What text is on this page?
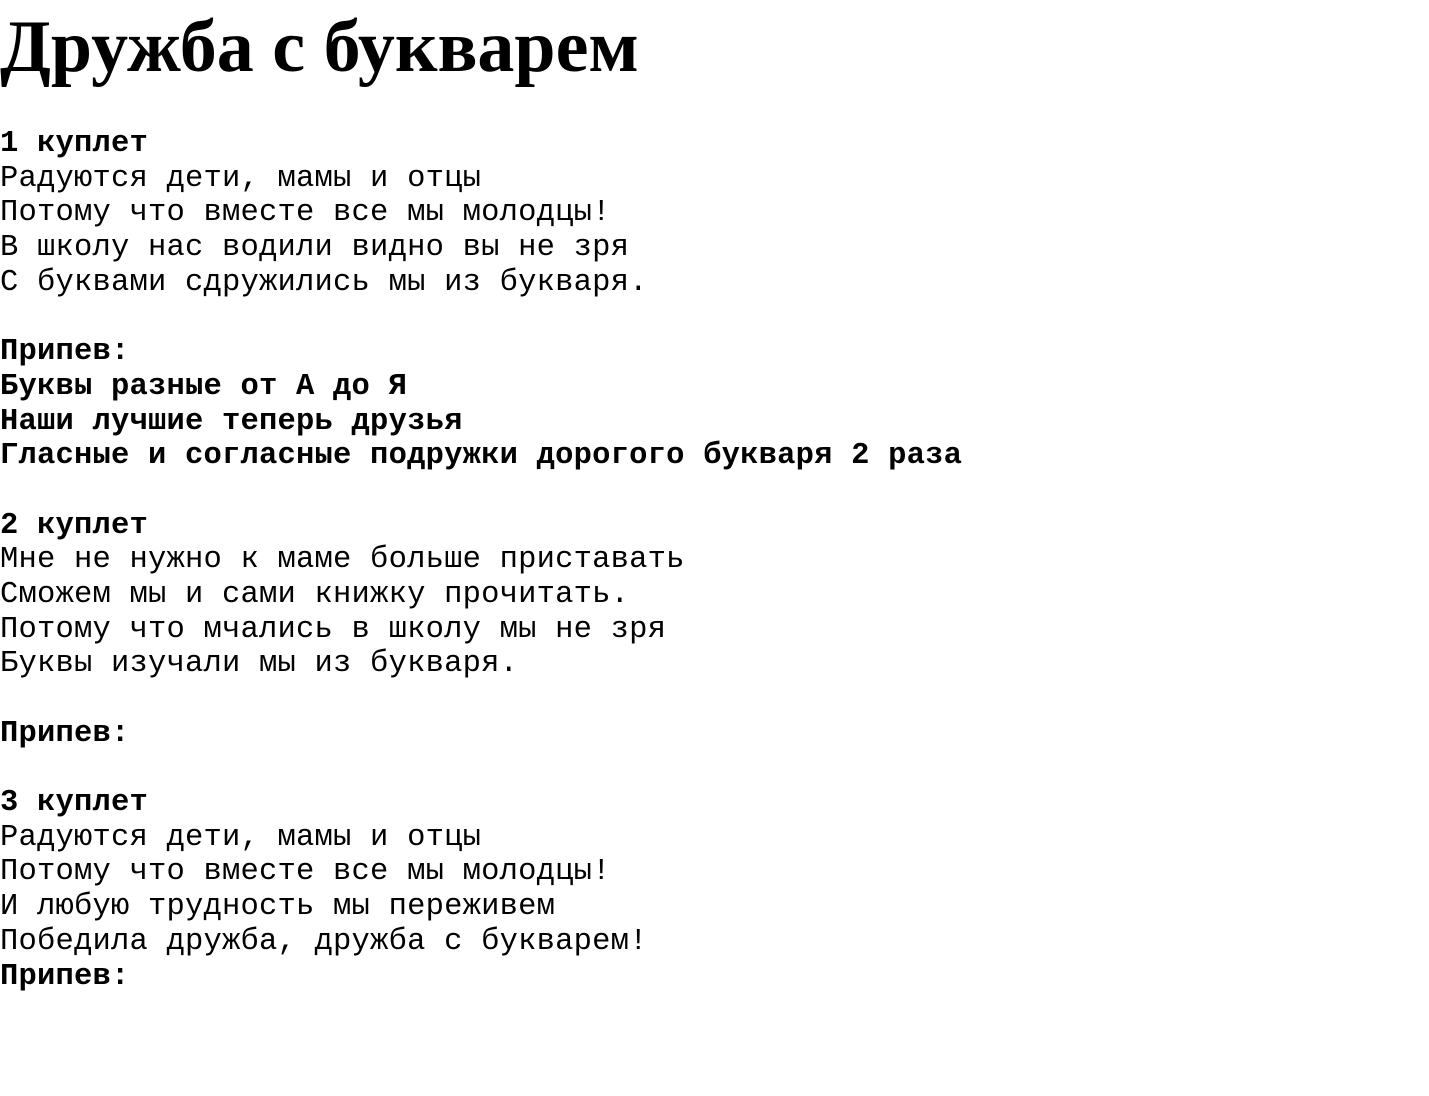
Дружба с букварем
1 куплет
Радуются дети, мамы и отцы
Потому что вместе все мы молодцы!
В школу нас водили видно вы не зря
С буквами сдружились мы из букваря.
Припев:
Буквы разные от А до Я
Наши лучшие теперь друзья
Гласные и согласные подружки дорогого букваря 2 раза
2 куплет
Мне не нужно к маме больше приставать
Сможем мы и сами книжку прочитать.
Потому что мчались в школу мы не зря
Буквы изучали мы из букваря.
Припев:
3 куплет
Радуются дети, мамы и отцы
Потому что вместе все мы молодцы!
И любую трудность мы переживем
Победила дружба, дружба с букварем!
Припев:
